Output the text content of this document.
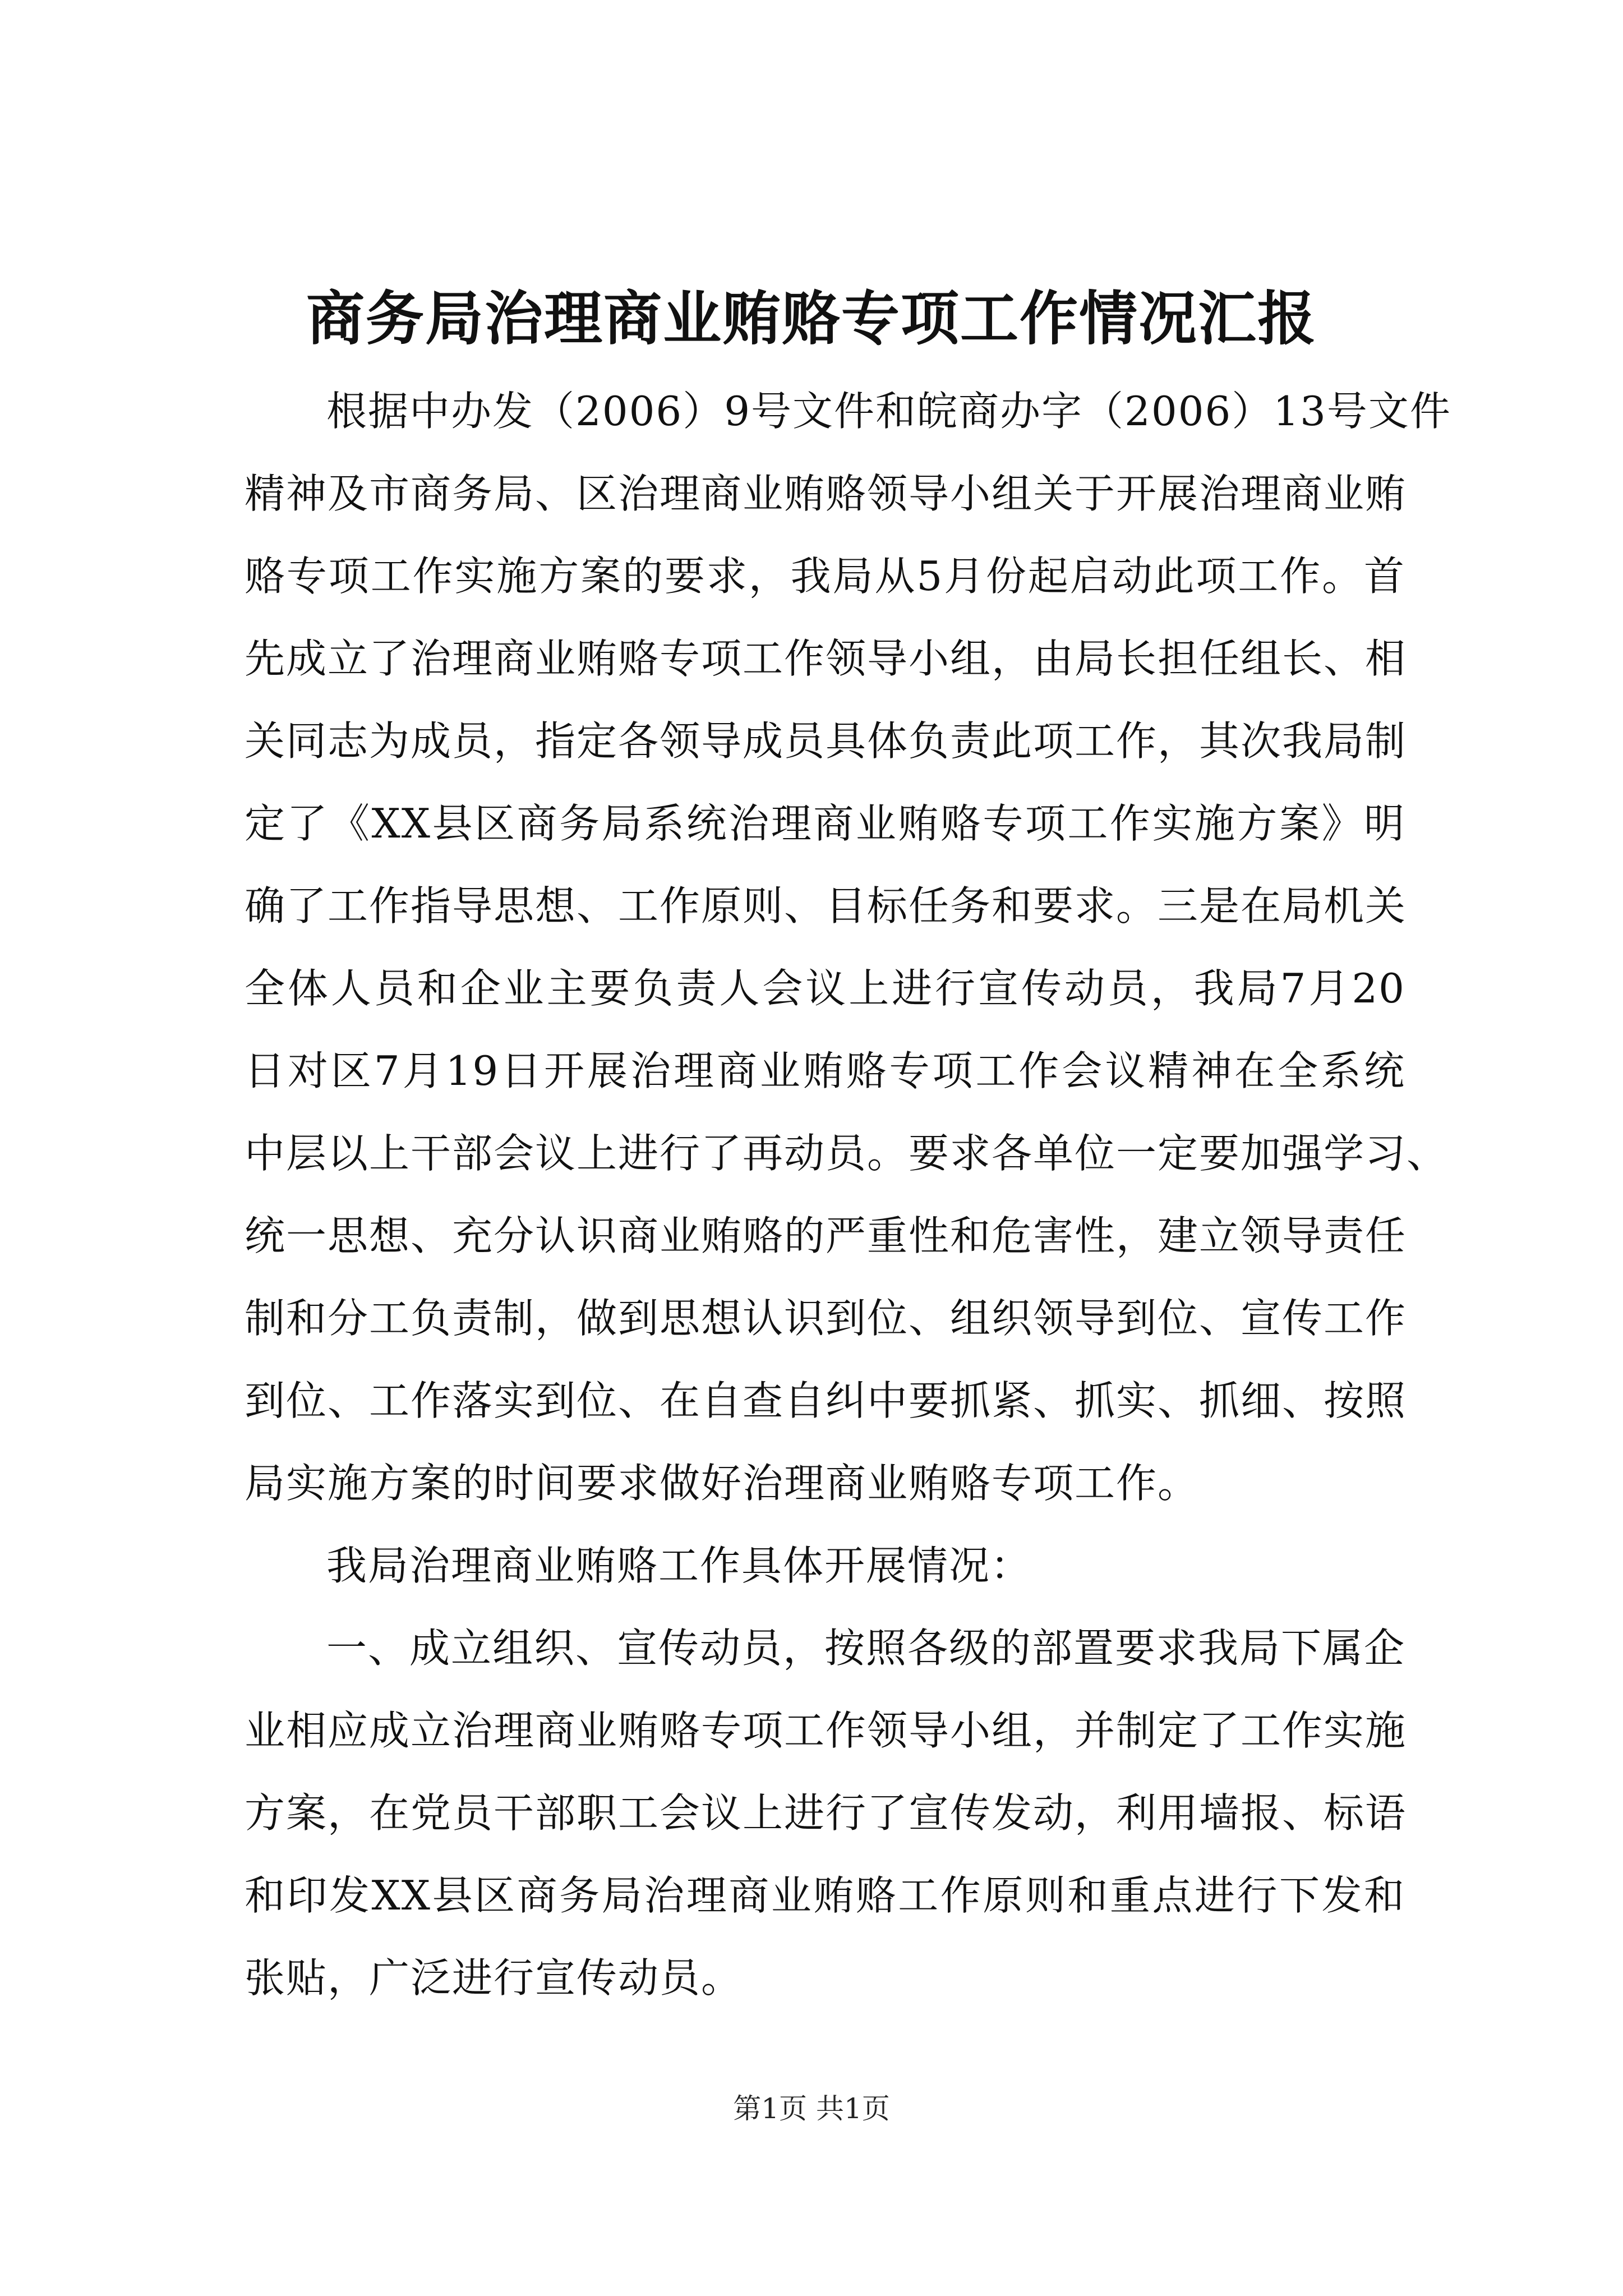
商务局治理商业贿赂专项工作情况汇报
根据中办发（2006）9号文件和皖商办字（2006）13号文件
精神及市商务局、区治理商业贿赂领导小组关于开展治理商业贿
赂专项工作实施方案的要求，我局从5月份起启动此项工作。首
先成立了治理商业贿赂专项工作领导小组，由局长担任组长、相
关同志为成员，指定各领导成员具体负责此项工作，其次我局制
定了《XX县区商务局系统治理商业贿赂专项工作实施方案》明
确了工作指导思想、工作原则、目标任务和要求。三是在局机关
全体人员和企业主要负责人会议上进行宣传动员，我局7月20
日对区7月19日开展治理商业贿赂专项工作会议精神在全系统
中层以上干部会议上进行了再动员。要求各单位一定要加强学习、
统一思想、充分认识商业贿赂的严重性和危害性，建立领导责任
制和分工负责制，做到思想认识到位、组织领导到位、宣传工作
到位、工作落实到位、在自查自纠中要抓紧、抓实、抓细、按照
局实施方案的时间要求做好治理商业贿赂专项工作。
我局治理商业贿赂工作具体开展情况：
一、成立组织、宣传动员，按照各级的部置要求我局下属企
业相应成立治理商业贿赂专项工作领导小组，并制定了工作实施
方案，在党员干部职工会议上进行了宣传发动，利用墙报、标语
和印发XX县区商务局治理商业贿赂工作原则和重点进行下发和
张贴，广泛进行宣传动员。
第1页 共1页
